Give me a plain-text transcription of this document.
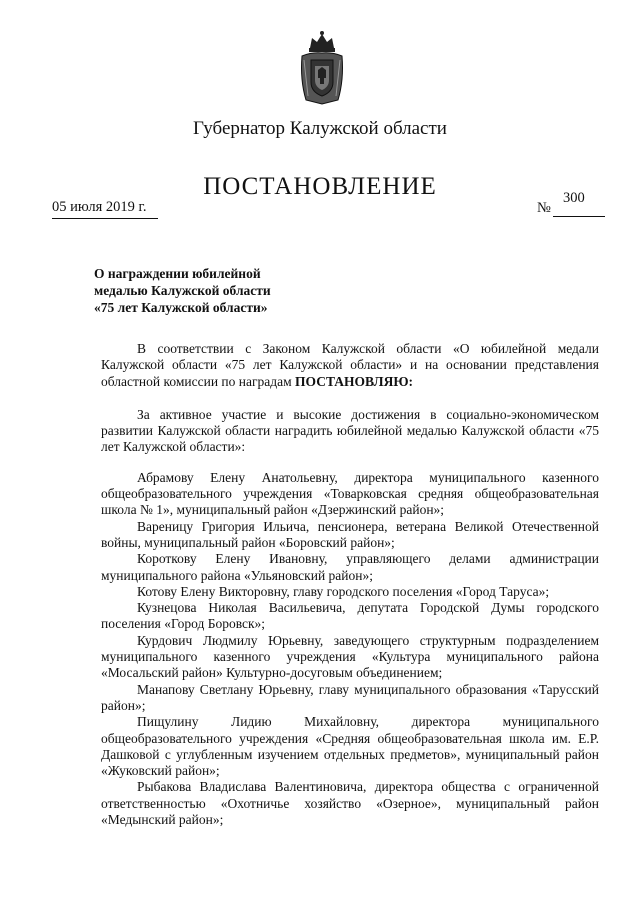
Губернатор Калужской области
ПОСТАНОВЛЕНИЕ
05 июля 2019 г.
300
№
О награждении юбилейной
медалью Калужской области
«75 лет Калужской области»

В соответствии с Законом Калужской области «О юбилейной медали Калужской области «75 лет Калужской области» и на основании представления областной комиссии по наградам ПОСТАНОВЛЯЮ:

За активное участие и высокие достижения в социально-экономическом развитии Калужской области наградить юбилейной медалью Калужской области «75 лет Калужской области»:

Абрамову Елену Анатольевну, директора муниципального казенного общеобразовательного учреждения «Товарковская средняя общеобразовательная школа № 1», муниципальный район «Дзержинский район»;

Вареницу Григория Ильича, пенсионера, ветерана Великой Отечественной войны, муниципальный район «Боровский район»;

Короткову Елену Ивановну, управляющего делами администрации муниципального района «Ульяновский район»;

Котову Елену Викторовну, главу городского поселения «Город Таруса»;

Кузнецова Николая Васильевича, депутата Городской Думы городского поселения «Город Боровск»;

Курдович Людмилу Юрьевну, заведующего структурным подразделением муниципального казенного учреждения «Культура муниципального района «Мосальский район» Культурно-досуговым объединением;

Манапову Светлану Юрьевну, главу муниципального образования «Тарусский район»;

Пищулину Лидию Михайловну, директора муниципального общеобразовательного учреждения «Средняя общеобразовательная школа им. Е.Р. Дашковой с углубленным изучением отдельных предметов», муниципальный район «Жуковский район»;

Рыбакова Владислава Валентиновича, директора общества с ограниченной ответственностью «Охотничье хозяйство «Озерное», муниципальный район «Медынский район»;
